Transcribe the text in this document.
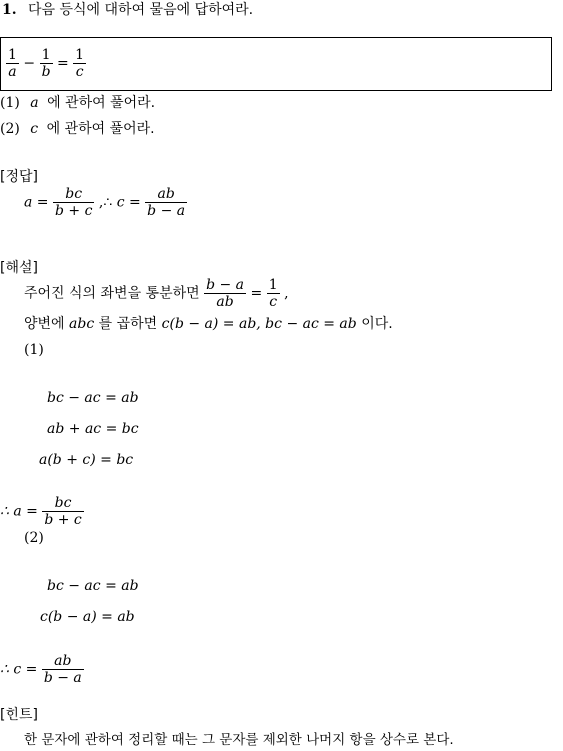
1. 다음 등식에 대하여 물음에 답하여라.
$\frac{1}{a} - \frac{1}{b} = \frac{1}{c}$
(1) a 에 관하여 풀어라.
(2) c 에 관하여 풀어라.
[정답]
$a = \frac{bc}{b + c}$ ,∴ $c = \frac{ab}{b - a}$
[해설]
주어진 식의 좌변을 통분하면 $\frac{b - a}{ab} = \frac{1}{c}$ ,
양변에 abc 를 곱하면 c(b − a) = ab, bc − ac = ab 이다.
(1)
bc − ac = ab
ab + ac = bc
a(b + c) = bc
∴ $a = \frac{bc}{b + c}$
(2)
bc − ac = ab
c(b − a) = ab
∴ $c = \frac{ab}{b - a}$
[힌트]
한 문자에 관하여 정리할 때는 그 문자를 제외한 나머지 항을 상수로 본다.
